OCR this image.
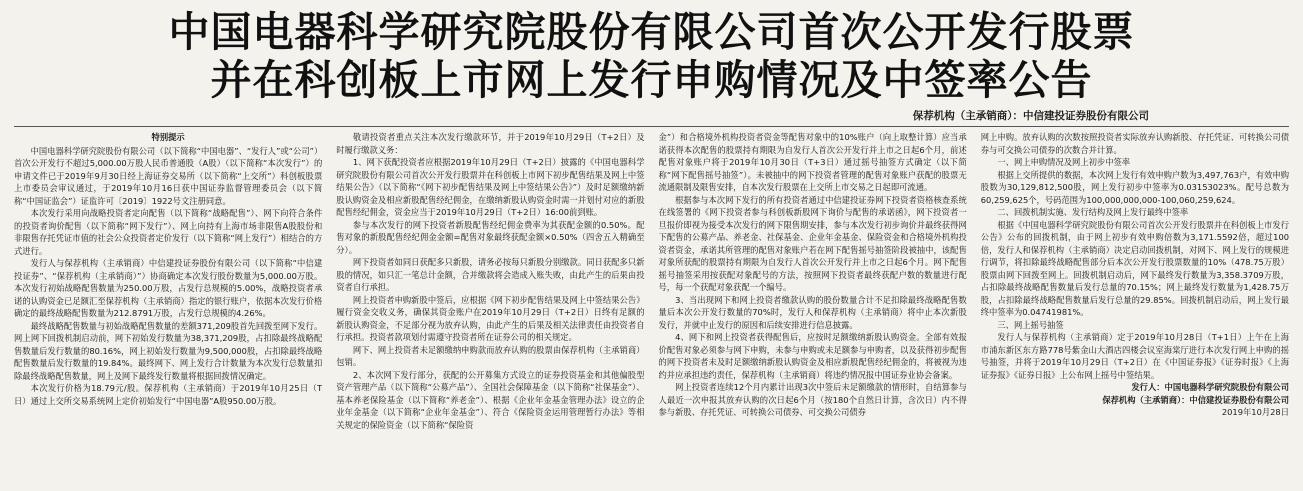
中国电器科学研究院股份有限公司首次公开发行股票
并在科创板上市网上发行申购情况及中签率公告
保荐机构（主承销商）：中信建投证券股份有限公司

特别提示

中国电器科学研究院股份有限公司（以下简称“中国电器”、“发行人”或“公司”）首次公开发行不超过5,000.00万股人民币普通股（A股）（以下简称“本次发行”）的申请文件已于2019年9月30日经上海证券交易所（以下简称“上交所”）科创板股票上市委员会审议通过，于2019年10月16日获中国证券监督管理委员会（以下简称“中国证监会”）证监许可〔2019〕1922号文注册同意。

本次发行采用向战略投资者定向配售（以下简称“战略配售”）、网下向符合条件的投资者询价配售（以下简称“网下发行”）、网上向持有上海市场非限售A股股份和非限售存托凭证市值的社会公众投资者定价发行（以下简称“网上发行”）相结合的方式进行。

发行人与保荐机构（主承销商）中信建投证券股份有限公司（以下简称“中信建投证券”、“保荐机构（主承销商）”）协商确定本次发行股份数量为5,000.00万股。本次发行初始战略配售数量为250.00万股，占发行总规模的5.00%，战略投资者承诺的认购资金已足额汇至保荐机构（主承销商）指定的银行账户，依据本次发行价格确定的最终战略配售数量为212.8791万股，占发行总规模的4.26%。

最终战略配售数量与初始战略配售数量的差额371,209股首先回拨至网下发行。网上网下回拨机制启动前，网下初始发行数量为38,371,209股，占扣除最终战略配售数量后发行数量的80.16%，网上初始发行数量为9,500,000股，占扣除最终战略配售数量后发行数量的19.84%。最终网下、网上发行合计数量为本次发行总数量扣除最终战略配售数量，网上及网下最终发行数量将根据回拨情况确定。

本次发行价格为18.79元/股。保荐机构（主承销商）于2019年10月25日（T日）通过上交所交易系统网上定价初始发行“中国电器”A股950.00万股。

敬请投资者重点关注本次发行缴款环节，并于2019年10月29日（T+2日）及时履行缴款义务：

1、网下获配投资者应根据2019年10月29日（T+2日）披露的《中国电器科学研究院股份有限公司首次公开发行股票并在科创板上市网下初步配售结果及网上中签结果公告》（以下简称“《网下初步配售结果及网上中签结果公告》”）及时足额缴纳新股认购资金及相应新股配售经纪佣金，在缴纳新股认购资金时需一并划付对应的新股配售经纪佣金，资金应当于2019年10月29日（T+2日）16:00前到账。

参与本次发行的网下投资者新股配售经纪佣金费率为其获配金额的0.50%。配售对象的新股配售经纪佣金金额=配售对象最终获配金额×0.50%（四舍五入精确至分）。

网下投资者如同日获配多只新股，请务必按每只新股分别缴款。同日获配多只新股的情况，如只汇一笔总计金额，合并缴款将会造成入账失败，由此产生的后果由投资者自行承担。

网上投资者申购新股中签后，应根据《网下初步配售结果及网上中签结果公告》履行资金交收义务，确保其资金账户在2019年10月29日（T+2日）日终有足额的新股认购资金，不足部分视为放弃认购，由此产生的后果及相关法律责任由投资者自行承担。投资者款项划付需遵守投资者所在证券公司的相关规定。

网下、网上投资者未足额缴纳申购款而放弃认购的股票由保荐机构（主承销商）包销。

2、本次网下发行部分，获配的公开募集方式设立的证券投资基金和其他偏股型资产管理产品（以下简称“公募产品”）、全国社会保障基金（以下简称“社保基金”）、基本养老保险基金（以下简称“养老金”）、根据《企业年金基金管理办法》设立的企业年金基金（以下简称“企业年金基金”）、符合《保险资金运用管理暂行办法》等相关规定的保险资金（以下简称“保险资

金”）和合格境外机构投资者资金等配售对象中的10%账户（向上取整计算）应当承诺获得本次配售的股票持有期限为自发行人首次公开发行并上市之日起6个月，前述配售对象账户将于2019年10月30日（T+3日）通过摇号抽签方式确定（以下简称“网下配售摇号抽签”）。未被抽中的网下投资者管理的配售对象账户获配的股票无流通限制及限售安排，自本次发行股票在上交所上市交易之日起即可流通。

根据参与本次网下发行的所有投资者通过中信建投证券网下投资者资格核查系统在线签署的《网下投资者参与科创板新股网下询价与配售的承诺函》，网下投资者一旦报价即视为接受本次发行的网下限售期安排，参与本次发行初步询价并最终获得网下配售的公募产品、养老金、社保基金、企业年金基金、保险资金和合格境外机构投资者资金，承诺其所管理的配售对象账户若在网下配售摇号抽签阶段被抽中，该配售对象所获配的股票持有期限为自发行人首次公开发行并上市之日起6个月。网下配售摇号抽签采用按获配对象配号的方法，按照网下投资者最终获配户数的数量进行配号，每一个获配对象获配一个编号。

3、当出现网下和网上投资者缴款认购的股份数量合计不足扣除最终战略配售数量后本次公开发行数量的70%时，发行人和保荐机构（主承销商）将中止本次新股发行，并就中止发行的原因和后续安排进行信息披露。

4、网下和网上投资者获得配售后，应按时足额缴纳新股认购资金。全部有效报价配售对象必须参与网下申购，未参与申购或未足额参与申购者，以及获得初步配售的网下投资者未及时足额缴纳新股认购资金及相应新股配售经纪佣金的，将被视为违约并应承担违约责任，保荐机构（主承销商）将违约情况报中国证券业协会备案。

网上投资者连续12个月内累计出现3次中签后未足额缴款的情形时，自结算参与人最近一次申报其放弃认购的次日起6个月（按180个自然日计算，含次日）内不得参与新股、存托凭证、可转换公司债券、可交换公司债券

网上申购。放弃认购的次数按照投资者实际放弃认购新股、存托凭证、可转换公司债券与可交换公司债券的次数合并计算。

一、网上申购情况及网上初步中签率

根据上交所提供的数据，本次网上发行有效申购户数为3,497,763户，有效申购股数为30,129,812,500股，网上发行初步中签率为0.03153023%。配号总数为60,259,625个，号码范围为100,000,000,000-100,060,259,624。

二、回拨机制实施、发行结构及网上发行最终中签率

根据《中国电器科学研究院股份有限公司首次公开发行股票并在科创板上市发行公告》公布的回拨机制，由于网上初步有效申购倍数为3,171.5592倍，超过100倍，发行人和保荐机构（主承销商）决定启动回拨机制，对网下、网上发行的规模进行调节，将扣除最终战略配售部分后本次公开发行股票数量的10%（478.75万股）股票由网下回拨至网上。回拨机制启动后，网下最终发行数量为3,358.3709万股，占扣除最终战略配售数量后发行总量的70.15%；网上最终发行数量为1,428.75万股，占扣除最终战略配售数量后发行总量的29.85%。回拨机制启动后，网上发行最终中签率为0.04741981%。

三、网上摇号抽签

发行人与保荐机构（主承销商）定于2019年10月28日（T+1日）上午在上海市浦东新区东方路778号紫金山大酒店四楼会议室海棠厅进行本次发行网上申购的摇号抽签，并将于2019年10月29日（T+2日）在《中国证券报》《证券时报》《上海证券报》《证券日报》上公布网上摇号中签结果。

发行人：中国电器科学研究院股份有限公司

保荐机构（主承销商）：中信建投证券股份有限公司

2019年10月28日
